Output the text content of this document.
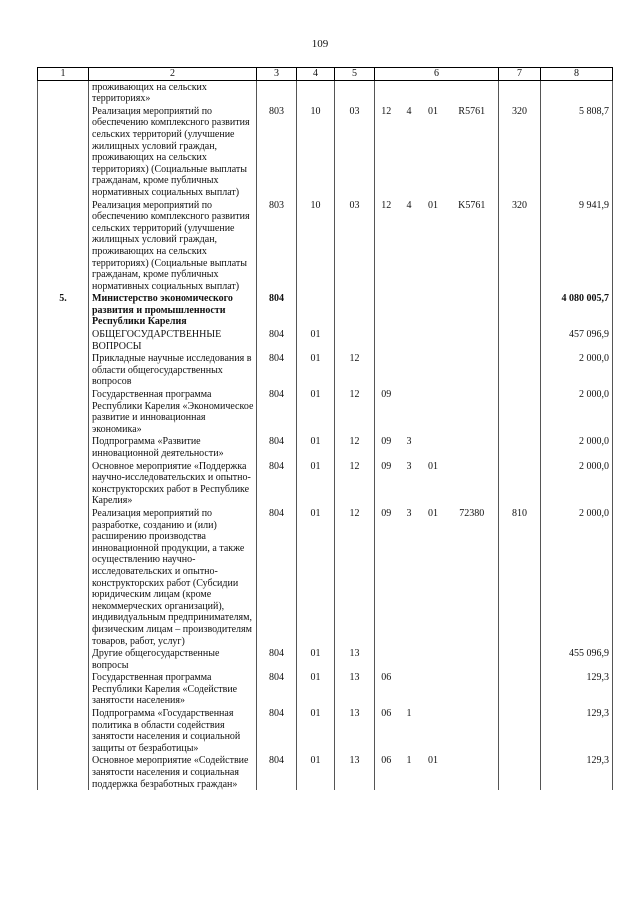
109
1	2	3	4	5	6				7	8
	проживающих на сельских территориях»									
	Реализация мероприятий по обеспечению комплексного развития сельских территорий (улучшение жилищных условий граждан, проживающих на сельских территориях) (Социальные выплаты гражданам, кроме публичных нормативных социальных выплат)	803	10	03	12	4	01	R5761	320	5 808,7
	Реализация мероприятий по обеспечению комплексного развития сельских территорий (улучшение жилищных условий граждан, проживающих на сельских территориях) (Социальные выплаты гражданам, кроме публичных нормативных социальных выплат)	803	10	03	12	4	01	K5761	320	9 941,9
5.	Министерство экономического развития и промышленности Республики Карелия	804								4 080 005,7
	ОБЩЕГОСУДАРСТВЕННЫЕ ВОПРОСЫ	804	01							457 096,9
	Прикладные научные исследования в области общегосударственных вопросов	804	01	12						2 000,0
	Государственная программа Республики Карелия «Экономическое развитие и инновационная экономика»	804	01	12	09					2 000,0
	Подпрограмма «Развитие инновационной деятельности»	804	01	12	09	3				2 000,0
	Основное мероприятие «Поддержка научно-исследовательских и опытно-конструкторских работ в Республике Карелия»	804	01	12	09	3	01			2 000,0
	Реализация мероприятий по разработке, созданию и (или) расширению производства инновационной продукции, а также осуществлению научно-исследовательских и опытно-конструкторских работ (Субсидии юридическим лицам (кроме некоммерческих организаций), индивидуальным предпринимателям, физическим лицам – производителям товаров, работ, услуг)	804	01	12	09	3	01	72380	810	2 000,0
	Другие общегосударственные вопросы	804	01	13						455 096,9
	Государственная программа Республики Карелия «Содействие занятости населения»	804	01	13	06					129,3
	Подпрограмма «Государственная политика в области содействия занятости населения и социальной защиты от безработицы»	804	01	13	06	1				129,3
	Основное мероприятие «Содействие занятости населения и социальная поддержка безработных граждан»	804	01	13	06	1	01			129,3
